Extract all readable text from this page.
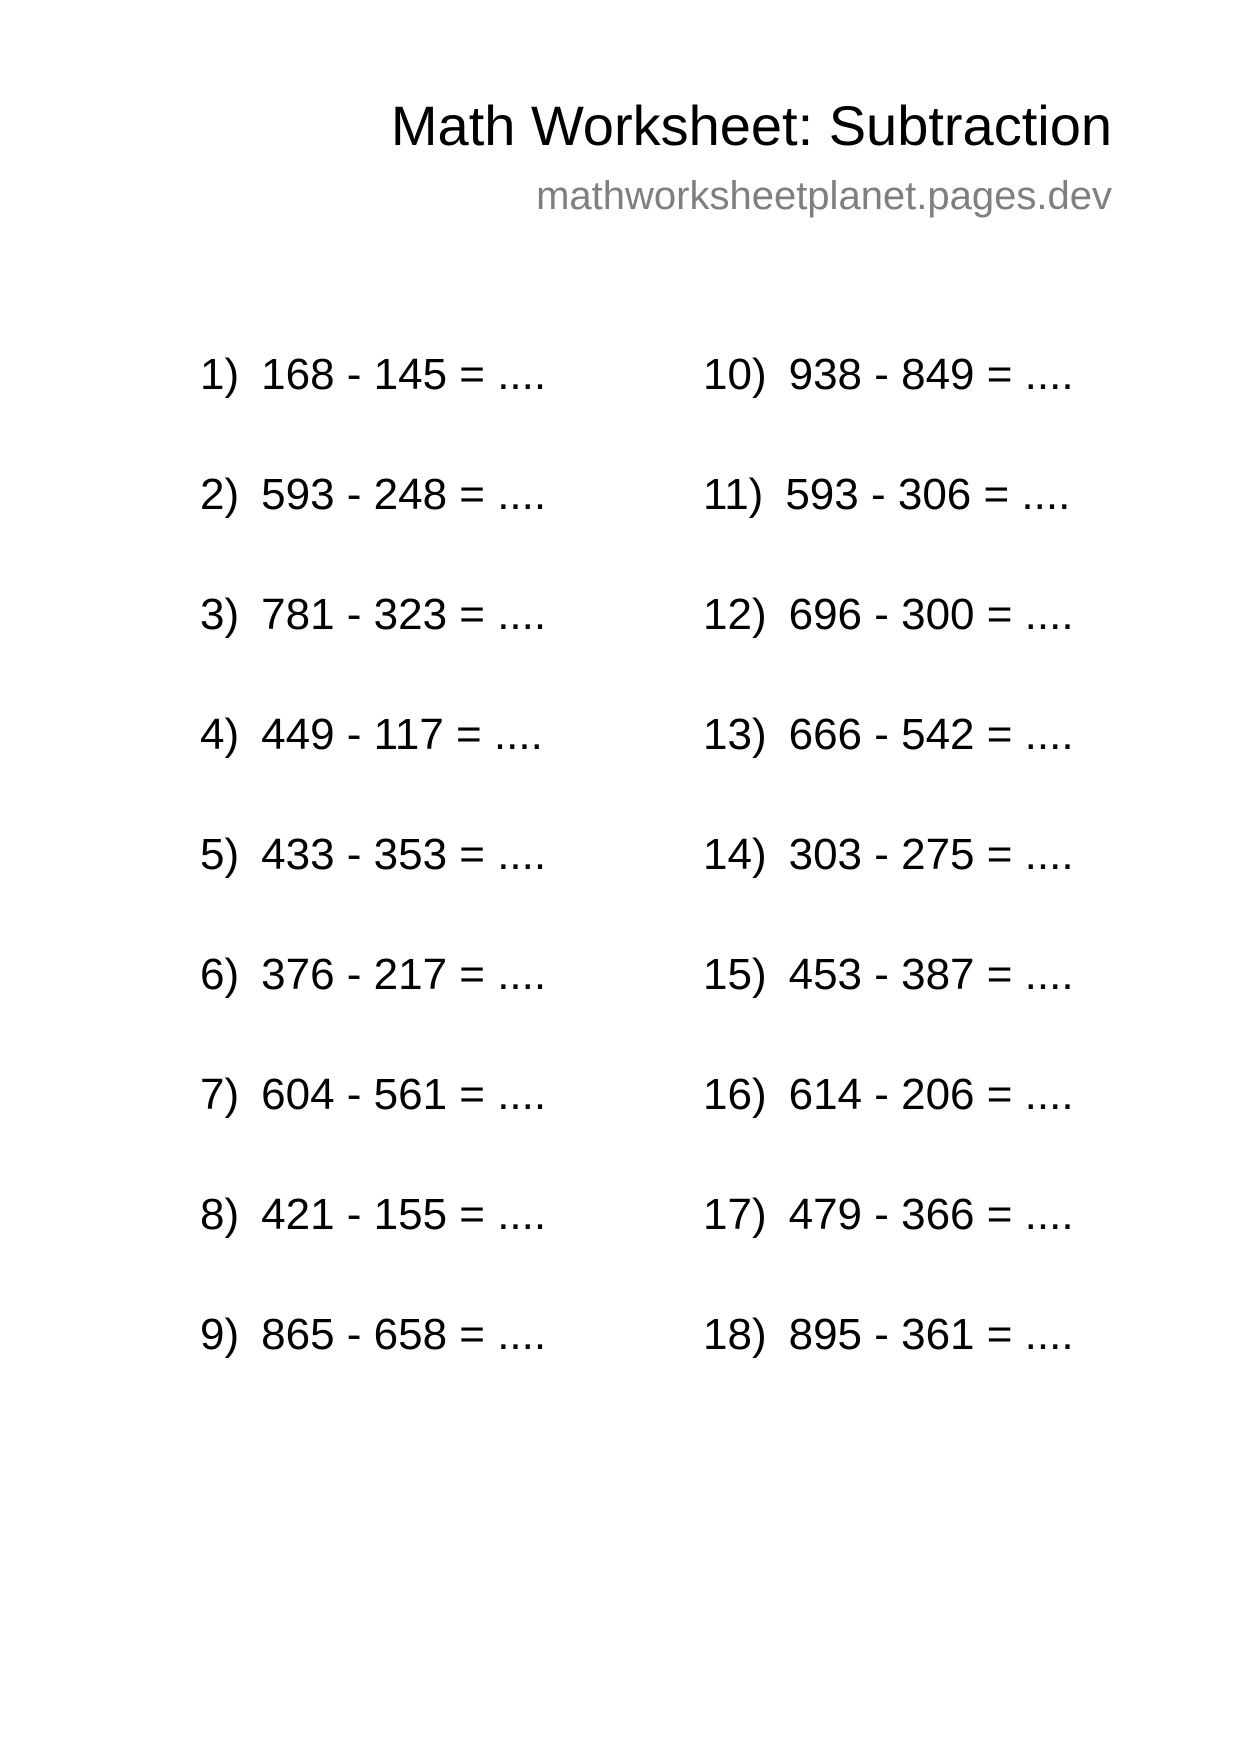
Math Worksheet: Subtraction
mathworksheetplanet.pages.dev
1) 168 - 145 = ....
2) 593 - 248 = ....
3) 781 - 323 = ....
4) 449 - 117 = ....
5) 433 - 353 = ....
6) 376 - 217 = ....
7) 604 - 561 = ....
8) 421 - 155 = ....
9) 865 - 658 = ....
10) 938 - 849 = ....
11) 593 - 306 = ....
12) 696 - 300 = ....
13) 666 - 542 = ....
14) 303 - 275 = ....
15) 453 - 387 = ....
16) 614 - 206 = ....
17) 479 - 366 = ....
18) 895 - 361 = ....
